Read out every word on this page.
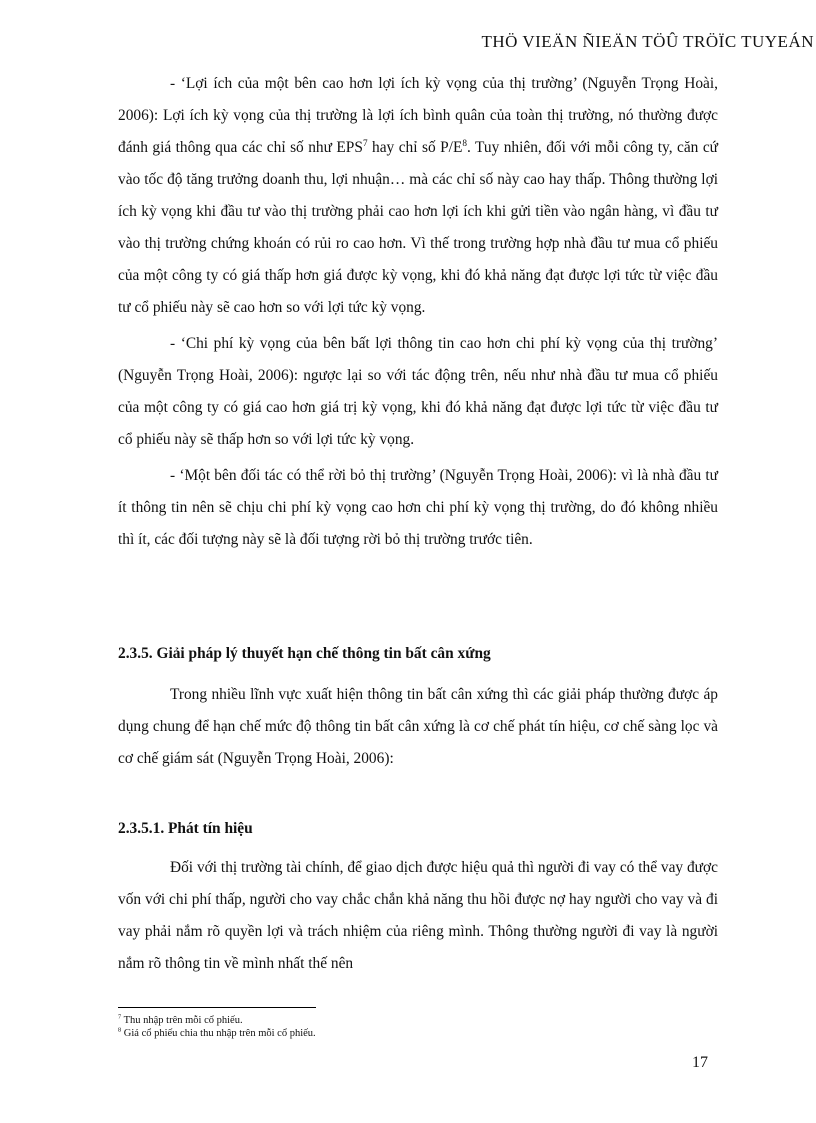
THÖ VIEÄN ÑIEÄN TÖÛ TRÖÏC TUYEÁN

- ‘Lợi ích của một bên cao hơn lợi ích kỳ vọng của thị trường’ (Nguyễn Trọng Hoài, 2006): Lợi ích kỳ vọng của thị trường là lợi ích bình quân của toàn thị trường, nó thường được đánh giá thông qua các chỉ số như EPS$^7$ hay chỉ số $P/E^8$. Tuy nhiên, đối với mỗi công ty, căn cứ vào tốc độ tăng trưởng doanh thu, lợi nhuận… mà các chỉ số này cao hay thấp. Thông thường lợi ích kỳ vọng khi đầu tư vào thị trường phải cao hơn lợi ích khi gửi tiền vào ngân hàng, vì đầu tư vào thị trường chứng khoán có rủi ro cao hơn. Vì thế trong trường hợp nhà đầu tư mua cổ phiếu của một công ty có giá thấp hơn giá được kỳ vọng, khi đó khả năng đạt được lợi tức từ việc đầu tư cổ phiếu này sẽ cao hơn so với lợi tức kỳ vọng.

- ‘Chi phí kỳ vọng của bên bất lợi thông tin cao hơn chi phí kỳ vọng của thị trường’ (Nguyễn Trọng Hoài, 2006): ngược lại so với tác động trên, nếu như nhà đầu tư mua cổ phiếu của một công ty có giá cao hơn giá trị kỳ vọng, khi đó khả năng đạt được lợi tức từ việc đầu tư cổ phiếu này sẽ thấp hơn so với lợi tức kỳ vọng.

- ‘Một bên đối tác có thể rời bỏ thị trường’ (Nguyễn Trọng Hoài, 2006): vì là nhà đầu tư ít thông tin nên sẽ chịu chi phí kỳ vọng cao hơn chi phí kỳ vọng thị trường, do đó không nhiều thì ít, các đối tượng này sẽ là đối tượng rời bỏ thị trường trước tiên.

2.3.5. Giải pháp lý thuyết hạn chế thông tin bất cân xứng

Trong nhiều lĩnh vực xuất hiện thông tin bất cân xứng thì các giải pháp thường được áp dụng chung để hạn chế mức độ thông tin bất cân xứng là cơ chế phát tín hiệu, cơ chế sàng lọc và cơ chế giám sát (Nguyễn Trọng Hoài, 2006):

2.3.5.1. Phát tín hiệu

Đối với thị trường tài chính, để giao dịch được hiệu quả thì người đi vay có thể vay được vốn với chi phí thấp, người cho vay chắc chắn khả năng thu hồi được nợ hay người cho vay và đi vay phải nắm rõ quyền lợi và trách nhiệm của riêng mình. Thông thường người đi vay là người nắm rõ thông tin về mình nhất thế nên

$^7$ Thu nhập trên mỗi cổ phiếu.
$^8$ Giá cổ phiếu chia thu nhập trên mỗi cổ phiếu.
17
